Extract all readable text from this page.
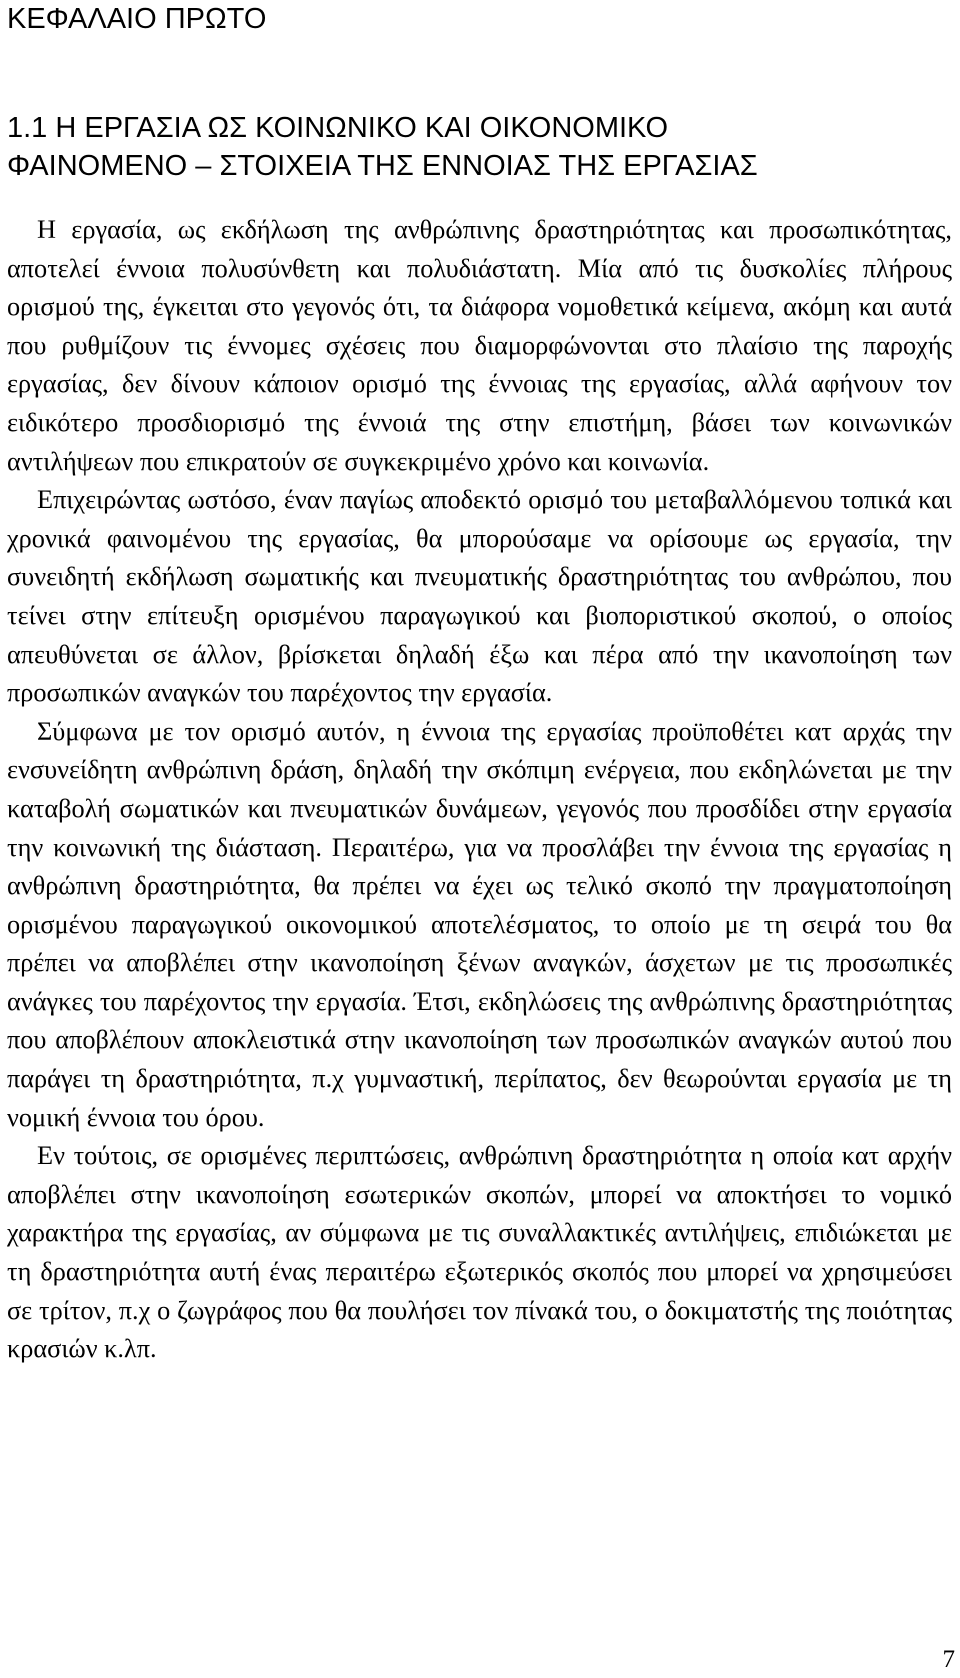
ΚΕΦΑΛΑΙΟ ΠΡΩΤΟ
1.1 Η ΕΡΓΑΣΙΑ ΩΣ ΚΟΙΝΩΝΙΚΟ ΚΑΙ ΟΙΚΟΝΟΜΙΚΟ
ΦΑΙΝΟΜΕΝΟ – ΣΤΟΙΧΕΙΑ ΤΗΣ ΕΝΝΟΙΑΣ ΤΗΣ ΕΡΓΑΣΙΑΣ

Η εργασία, ως εκδήλωση της ανθρώπινης δραστηριότητας και προσωπικότητας, αποτελεί έννοια πολυσύνθετη και πολυδιάστατη. Μία από τις δυσκολίες πλήρους ορισμού της, έγκειται στο γεγονός ότι, τα διάφορα νομοθετικά κείμενα, ακόμη και αυτά που ρυθμίζουν τις έννομες σχέσεις που διαμορφώνονται στο πλαίσιο της παροχής εργασίας, δεν δίνουν κάποιον ορισμό της έννοιας της εργασίας, αλλά αφήνουν τον ειδικότερο προσδιορισμό της έννοιά της στην επιστήμη, βάσει των κοινωνικών αντιλήψεων που επικρατούν σε συγκεκριμένο χρόνο και κοινωνία.

Επιχειρώντας ωστόσο, έναν παγίως αποδεκτό ορισμό του μεταβαλλόμενου τοπικά και χρονικά φαινομένου της εργασίας, θα μπορούσαμε να ορίσουμε ως εργασία, την συνειδητή εκδήλωση σωματικής και πνευματικής δραστηριότητας του ανθρώπου, που τείνει στην επίτευξη ορισμένου παραγωγικού και βιοποριστικού σκοπού, ο οποίος απευθύνεται σε άλλον, βρίσκεται δηλαδή έξω και πέρα από την ικανοποίηση των προσωπικών αναγκών του παρέχοντος την εργασία.

Σύμφωνα με τον ορισμό αυτόν, η έννοια της εργασίας προϋποθέτει κατ αρχάς την ενσυνείδητη ανθρώπινη δράση, δηλαδή την σκόπιμη ενέργεια, που εκδηλώνεται με την καταβολή σωματικών και πνευματικών δυνάμεων, γεγονός που προσδίδει στην εργασία την κοινωνική της διάσταση. Περαιτέρω, για να προσλάβει την έννοια της εργασίας η ανθρώπινη δραστηριότητα, θα πρέπει να έχει ως τελικό σκοπό την πραγματοποίηση ορισμένου παραγωγικού οικονομικού αποτελέσματος, το οποίο με τη σειρά του θα πρέπει να αποβλέπει στην ικανοποίηση ξένων αναγκών, άσχετων με τις προσωπικές ανάγκες του παρέχοντος την εργασία. Έτσι, εκδηλώσεις της ανθρώπινης δραστηριότητας που αποβλέπουν αποκλειστικά στην ικανοποίηση των προσωπικών αναγκών αυτού που παράγει τη δραστηριότητα, π.χ γυμναστική, περίπατος, δεν θεωρούνται εργασία με τη νομική έννοια του όρου.

Εν τούτοις, σε ορισμένες περιπτώσεις, ανθρώπινη δραστηριότητα η οποία κατ αρχήν αποβλέπει στην ικανοποίηση εσωτερικών σκοπών, μπορεί να αποκτήσει το νομικό χαρακτήρα της εργασίας, αν σύμφωνα με τις συναλλακτικές αντιλήψεις, επιδιώκεται με τη δραστηριότητα αυτή ένας περαιτέρω εξωτερικός σκοπός που μπορεί να χρησιμεύσει σε τρίτον, π.χ ο ζωγράφος που θα πουλήσει τον πίνακά του, ο δοκιματστής της ποιότητας κρασιών κ.λπ.

7
